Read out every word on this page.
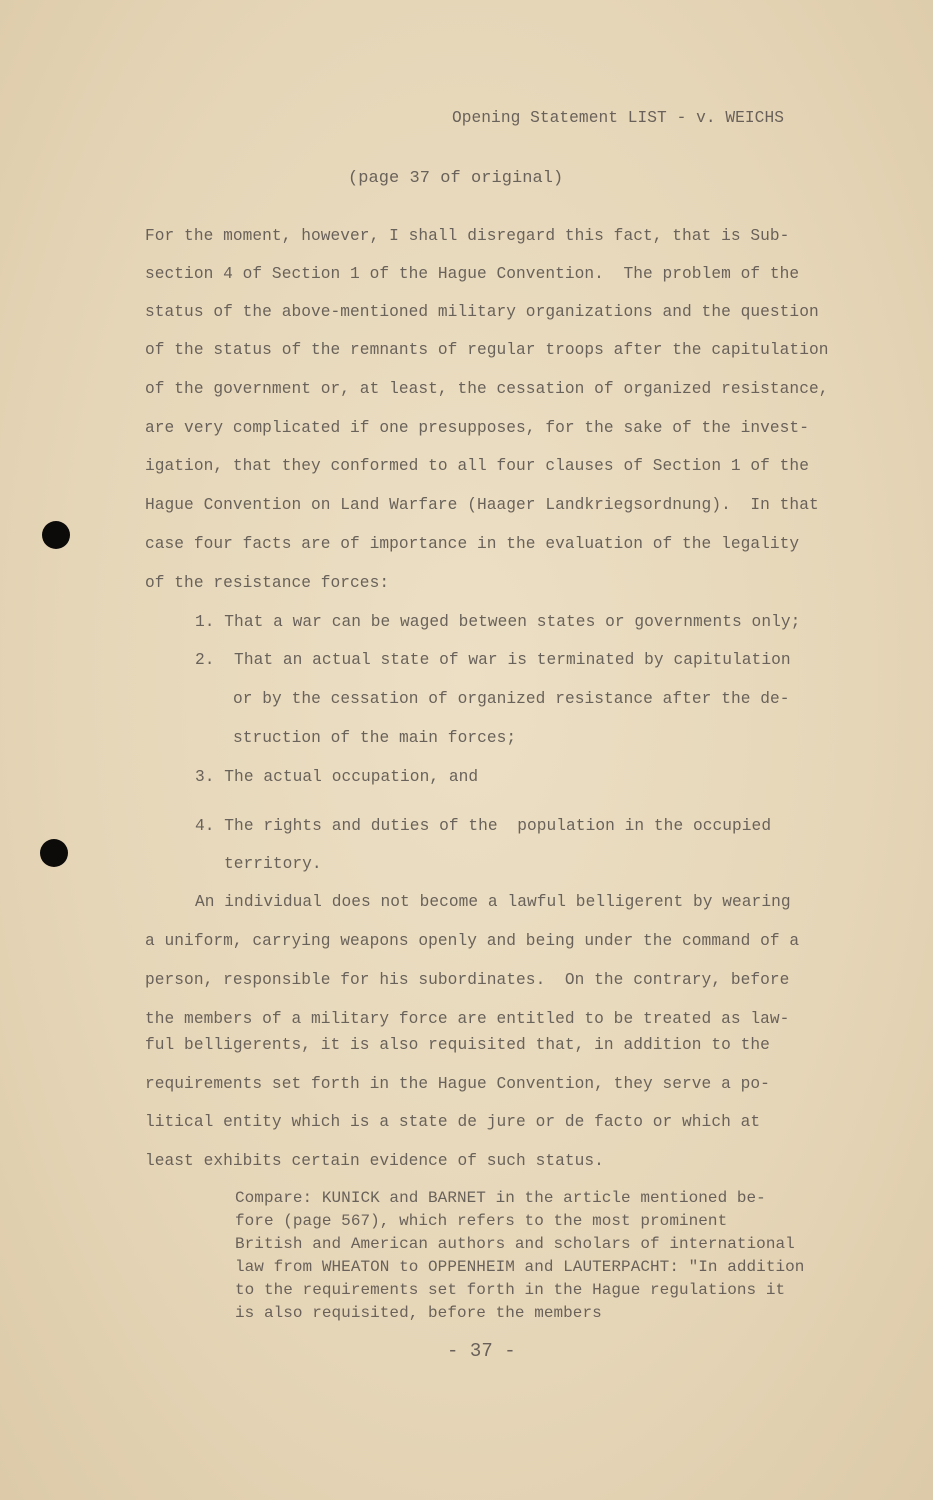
Opening Statement LIST - v. WEICHS
(page 37 of original)
For the moment, however, I shall disregard this fact, that is Sub-
section 4 of Section 1 of the Hague Convention.  The problem of the
status of the above-mentioned military organizations and the question
of the status of the remnants of regular troops after the capitulation
of the government or, at least, the cessation of organized resistance,
are very complicated if one presupposes, for the sake of the invest-
igation, that they conformed to all four clauses of Section 1 of the
Hague Convention on Land Warfare (Haager Landkriegsordnung).  In that
case four facts are of importance in the evaluation of the legality
of the resistance forces:
1. That a war can be waged between states or governments only;
2.  That an actual state of war is terminated by capitulation
or by the cessation of organized resistance after the de-
struction of the main forces;
3. The actual occupation, and
4. The rights and duties of the  population in the occupied
territory.
An individual does not become a lawful belligerent by wearing
a uniform, carrying weapons openly and being under the command of a
person, responsible for his subordinates.  On the contrary, before
the members of a military force are entitled to be treated as law-
ful belligerents, it is also requisited that, in addition to the
requirements set forth in the Hague Convention, they serve a po-
litical entity which is a state de jure or de facto or which at
least exhibits certain evidence of such status.
Compare: KUNICK and BARNET in the article mentioned be-
fore (page 567), which refers to the most prominent
British and American authors and scholars of international
law from WHEATON to OPPENHEIM and LAUTERPACHT: "In addition
to the requirements set forth in the Hague regulations it
is also requisited, before the members
- 37 -
